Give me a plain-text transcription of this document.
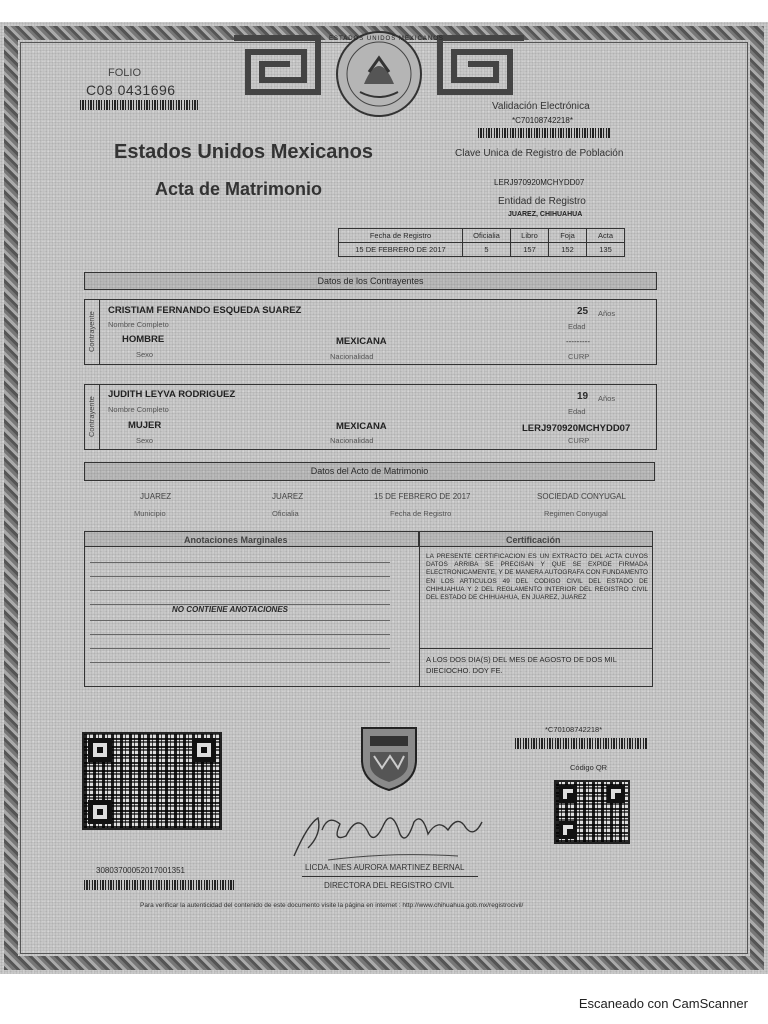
ESTADOS UNIDOS MEXICANOS
FOLIO
C08 0431696
Estados Unidos Mexicanos
Acta de Matrimonio
Validación Electrónica
*C70108742218*
Clave Unica de Registro de Población
LERJ970920MCHYDD07
Entidad de Registro
JUAREZ, CHIHUAHUA
Fecha de Registro	Oficialia	Libro	Foja	Acta
15 DE FEBRERO DE 2017	5	157	152	135
Datos de los Contrayentes
Contrayente
CRISTIAM FERNANDO ESQUEDA SUAREZ	25 Años
Nombre Completo	Edad
HOMBRE	MEXICANA	---------
Sexo	Nacionalidad	CURP
Contrayente
JUDITH LEYVA RODRIGUEZ	19 Años
Nombre Completo	Edad
MUJER	MEXICANA	LERJ970920MCHYDD07
Sexo	Nacionalidad	CURP
Datos del Acto de Matrimonio
JUAREZ	JUAREZ	15 DE FEBRERO DE 2017	SOCIEDAD CONYUGAL
Municipio	Oficialia	Fecha de Registro	Regimen Conyugal
Anotaciones Marginales	Certificación
NO CONTIENE ANOTACIONES
LA PRESENTE CERTIFICACION ES UN EXTRACTO DEL ACTA CUYOS DATOS ARRIBA SE PRECISAN Y QUE SE EXPIDE FIRMADA ELECTRONICAMENTE, Y DE MANERA AUTOGRAFA CON FUNDAMENTO EN LOS ARTICULOS 49 DEL CODIGO CIVIL DEL ESTADO DE CHIHUAHUA Y 2 DEL REGLAMENTO INTERIOR DEL REGISTRO CIVIL DEL ESTADO DE CHIHUAHUA, EN JUAREZ, JUAREZ
A LOS DOS DIA(S) DEL MES DE AGOSTO DE DOS MIL DIECIOCHO. DOY FE.
30803700052017001351	LICDA. INES AURORA MARTINEZ BERNAL
DIRECTORA DEL REGISTRO CIVIL
*C70108742218*
Código QR
Para verificar la autenticidad del contenido de este documento visite la página en internet : http://www.chihuahua.gob.mx/registrocivil/
Escaneado con CamScanner
